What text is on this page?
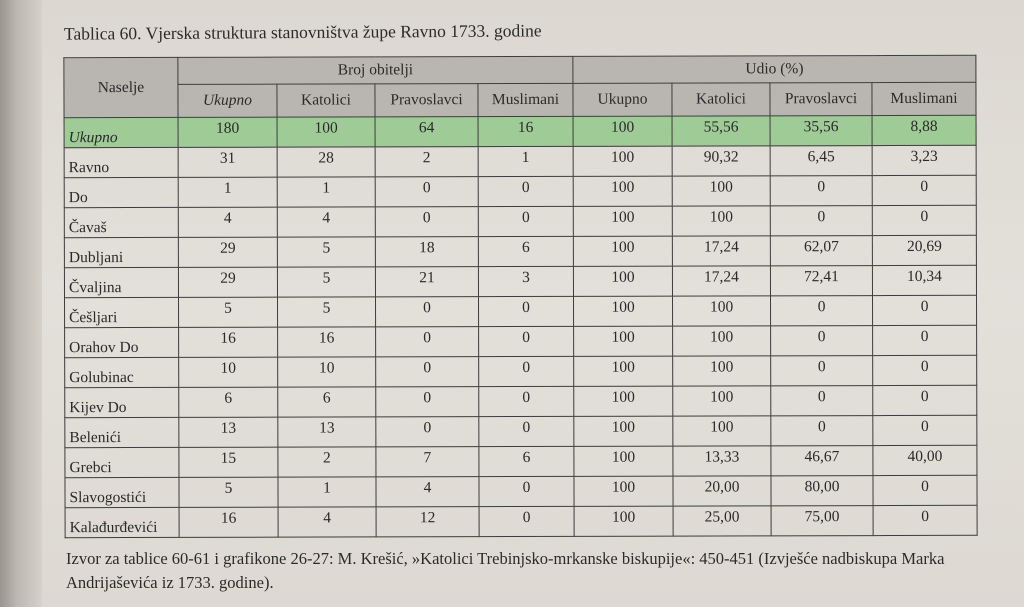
Tablica 60. Vjerska struktura stanovništva župe Ravno 1733. godine
Naselje	Broj obitelji				Udio (%)			
	Ukupno	Katolici	Pravoslavci	Muslimani	Ukupno	Katolici	Pravoslavci	Muslimani
Ukupno	180	100	64	16	100	55,56	35,56	8,88
Ravno	31	28	2	1	100	90,32	6,45	3,23
Do	1	1	0	0	100	100	0	0
Čavaš	4	4	0	0	100	100	0	0
Dubljani	29	5	18	6	100	17,24	62,07	20,69
Čvaljina	29	5	21	3	100	17,24	72,41	10,34
Češljari	5	5	0	0	100	100	0	0
Orahov Do	16	16	0	0	100	100	0	0
Golubinac	10	10	0	0	100	100	0	0
Kijev Do	6	6	0	0	100	100	0	0
Belenići	13	13	0	0	100	100	0	0
Grebci	15	2	7	6	100	13,33	46,67	40,00
Slavogostići	5	1	4	0	100	20,00	80,00	0
Kalađurđevići	16	4	12	0	100	25,00	75,00	0
Izvor za tablice 60-61 i grafikone 26-27: M. Krešić, »Katolici Trebinjsko-mrkanske biskupije«: 450-451 (Izvješće nadbiskupa Marka Andrijaševića iz 1733. godine).
